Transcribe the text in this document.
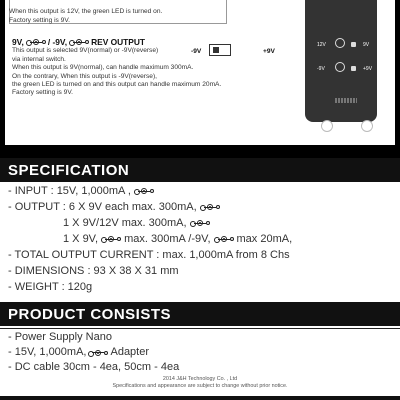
When this output is 12V, the green LED is turned on.
Factory setting is 9V.
9V,	/ -9V,	REV OUTPUT
This output is selected 9V(normal) or -9V(reverse)
via internal switch.
When this output is 9V(normal), can handle maximum 300mA.
On the contrary, When this output is -9V(reverse),
the green LED is turned on and this output can handle maximum 20mA.
Factory setting is 9V.
-9V	+9V
12V	9V
-9V	+9V
SPECIFICATION
- INPUT : 15V, 1,000mA ,
- OUTPUT : 6 X 9V each max. 300mA,
1 X 9V/12V max. 300mA,
1 X 9V, max. 300mA /-9V, max 20mA,
- TOTAL OUTPUT CURRENT : max. 1,000mA from 8 Chs
- DIMENSIONS : 93 X 38 X 31 mm
- WEIGHT : 120g
PRODUCT CONSISTS
- Power Supply Nano
- 15V, 1,000mA, Adapter
- DC cable 30cm - 4ea, 50cm - 4ea
2014 J&H Technology Co. , Ltd
Specifications and appearance are subject to change without prior notice.
